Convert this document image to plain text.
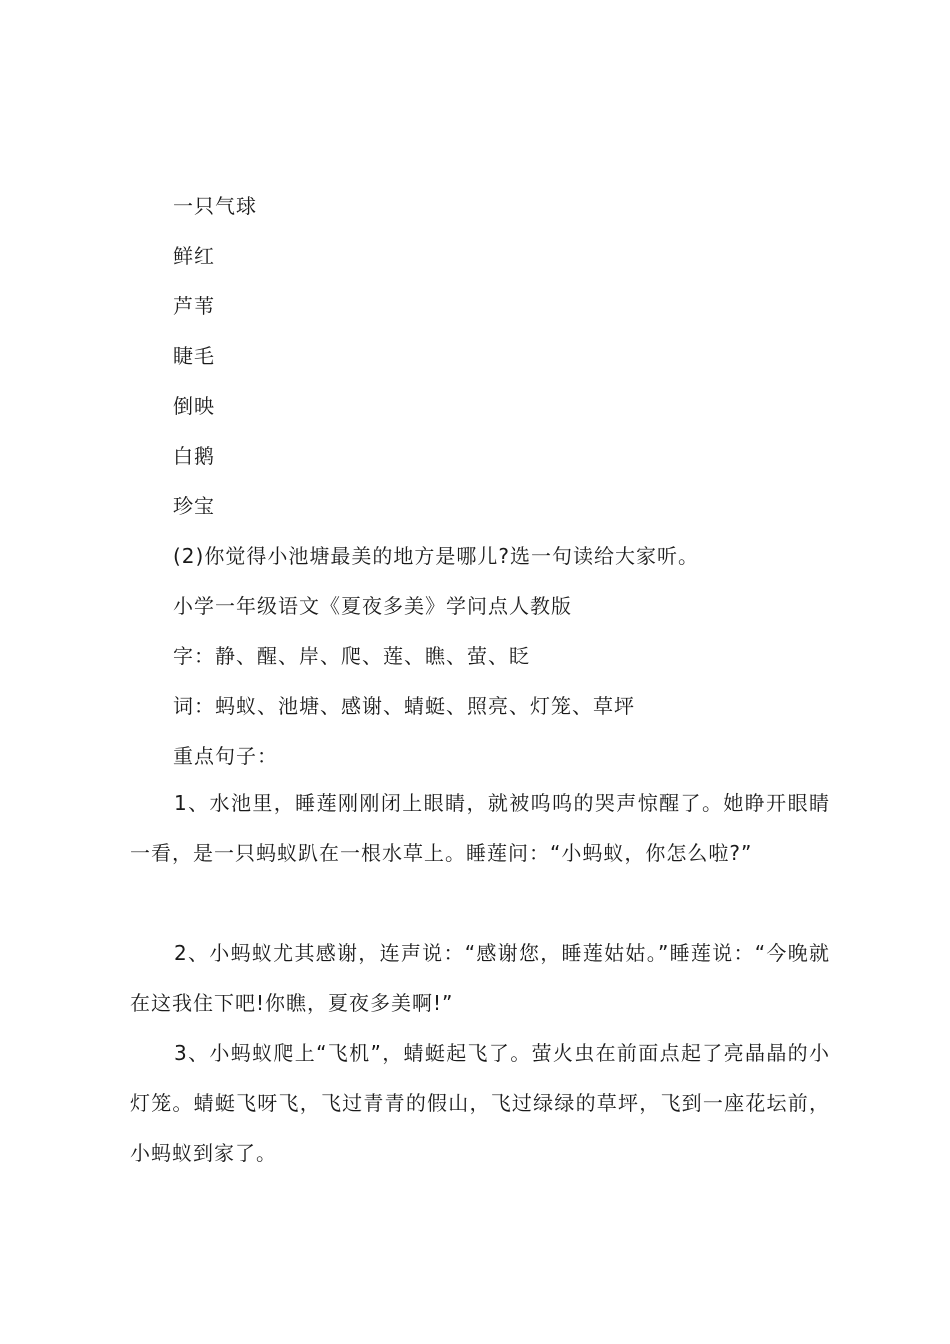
一只气球
鲜红
芦苇
睫毛
倒映
白鹅
珍宝
(2)你觉得小池塘最美的地方是哪儿?选一句读给大家听。
小学一年级语文《夏夜多美》学问点人教版
字：静、醒、岸、爬、莲、瞧、萤、眨
词：蚂蚁、池塘、感谢、蜻蜓、照亮、灯笼、草坪
重点句子：
1、水池里，睡莲刚刚闭上眼睛，就被呜呜的哭声惊醒了。她睁开眼睛一看，是一只蚂蚁趴在一根水草上。睡莲问：“小蚂蚁，你怎么啦?”
2、小蚂蚁尤其感谢，连声说：“感谢您，睡莲姑姑。”睡莲说：“今晚就在这我住下吧!你瞧，夏夜多美啊!”
3、小蚂蚁爬上“飞机”，蜻蜓起飞了。萤火虫在前面点起了亮晶晶的小灯笼。蜻蜓飞呀飞，飞过青青的假山，飞过绿绿的草坪，飞到一座花坛前，小蚂蚁到家了。
